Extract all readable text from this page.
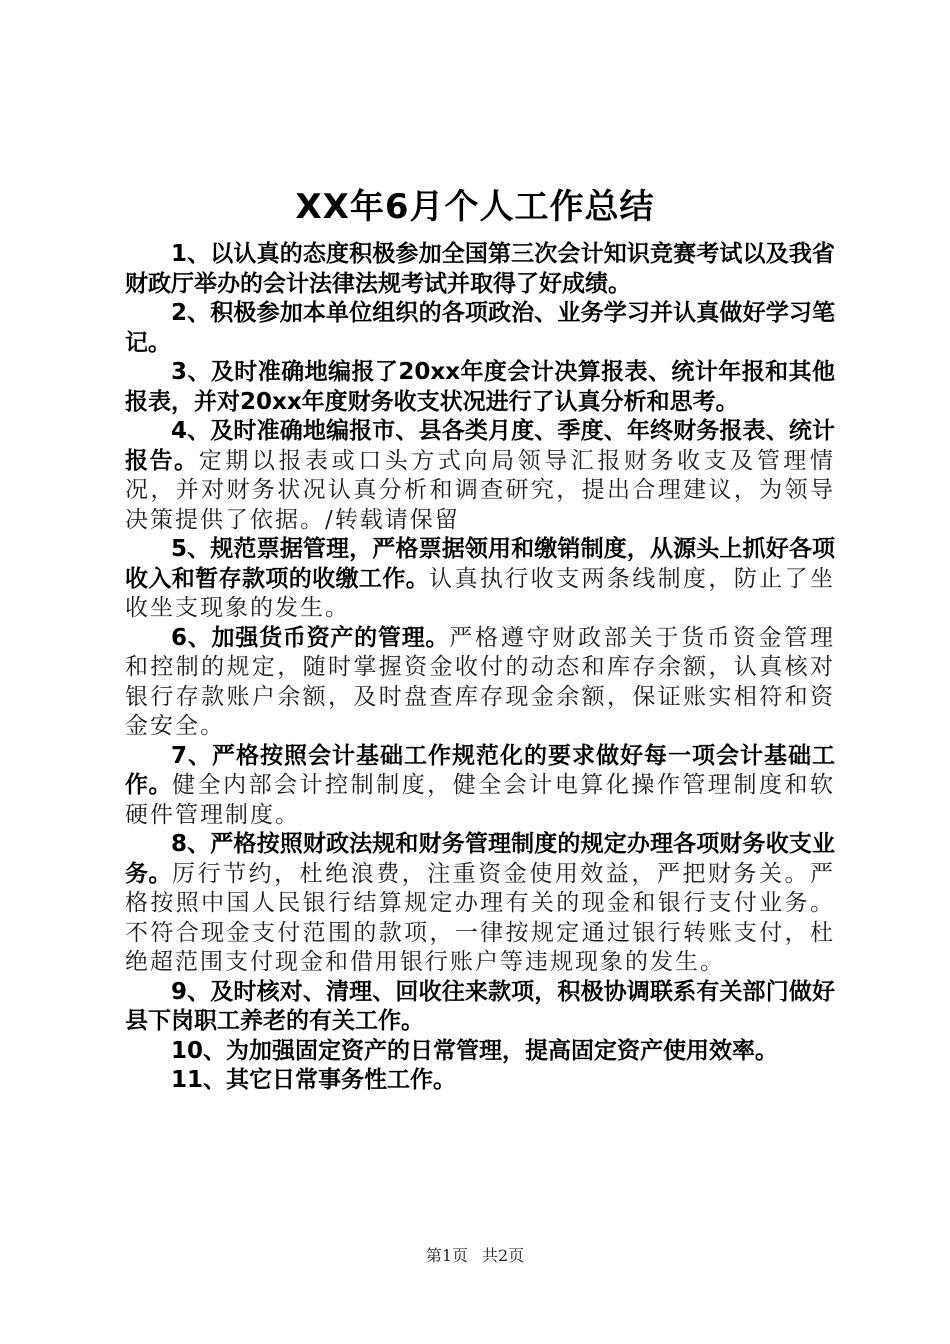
XX年6月个人工作总结

1、以认真的态度积极参加全国第三次会计知识竞赛考试以及我省财政厅举办的会计法律法规考试并取得了好成绩。

2、积极参加本单位组织的各项政治、业务学习并认真做好学习笔记。

3、及时准确地编报了20xx年度会计决算报表、统计年报和其他报表，并对20xx年度财务收支状况进行了认真分析和思考。

4、及时准确地编报市、县各类月度、季度、年终财务报表、统计报告。定期以报表或口头方式向局领导汇报财务收支及管理情况，并对财务状况认真分析和调查研究，提出合理建议，为领导决策提供了依据。/转载请保留

5、规范票据管理，严格票据领用和缴销制度，从源头上抓好各项收入和暂存款项的收缴工作。认真执行收支两条线制度，防止了坐收坐支现象的发生。

6、加强货币资产的管理。严格遵守财政部关于货币资金管理和控制的规定，随时掌握资金收付的动态和库存余额，认真核对银行存款账户余额，及时盘查库存现金余额，保证账实相符和资金安全。

7、严格按照会计基础工作规范化的要求做好每一项会计基础工作。健全内部会计控制制度，健全会计电算化操作管理制度和软硬件管理制度。

8、严格按照财政法规和财务管理制度的规定办理各项财务收支业务。厉行节约，杜绝浪费，注重资金使用效益，严把财务关。严格按照中国人民银行结算规定办理有关的现金和银行支付业务。不符合现金支付范围的款项，一律按规定通过银行转账支付，杜绝超范围支付现金和借用银行账户等违规现象的发生。

9、及时核对、清理、回收往来款项，积极协调联系有关部门做好县下岗职工养老的有关工作。

10、为加强固定资产的日常管理，提高固定资产使用效率。

11、其它日常事务性工作。

第1页 共2页
